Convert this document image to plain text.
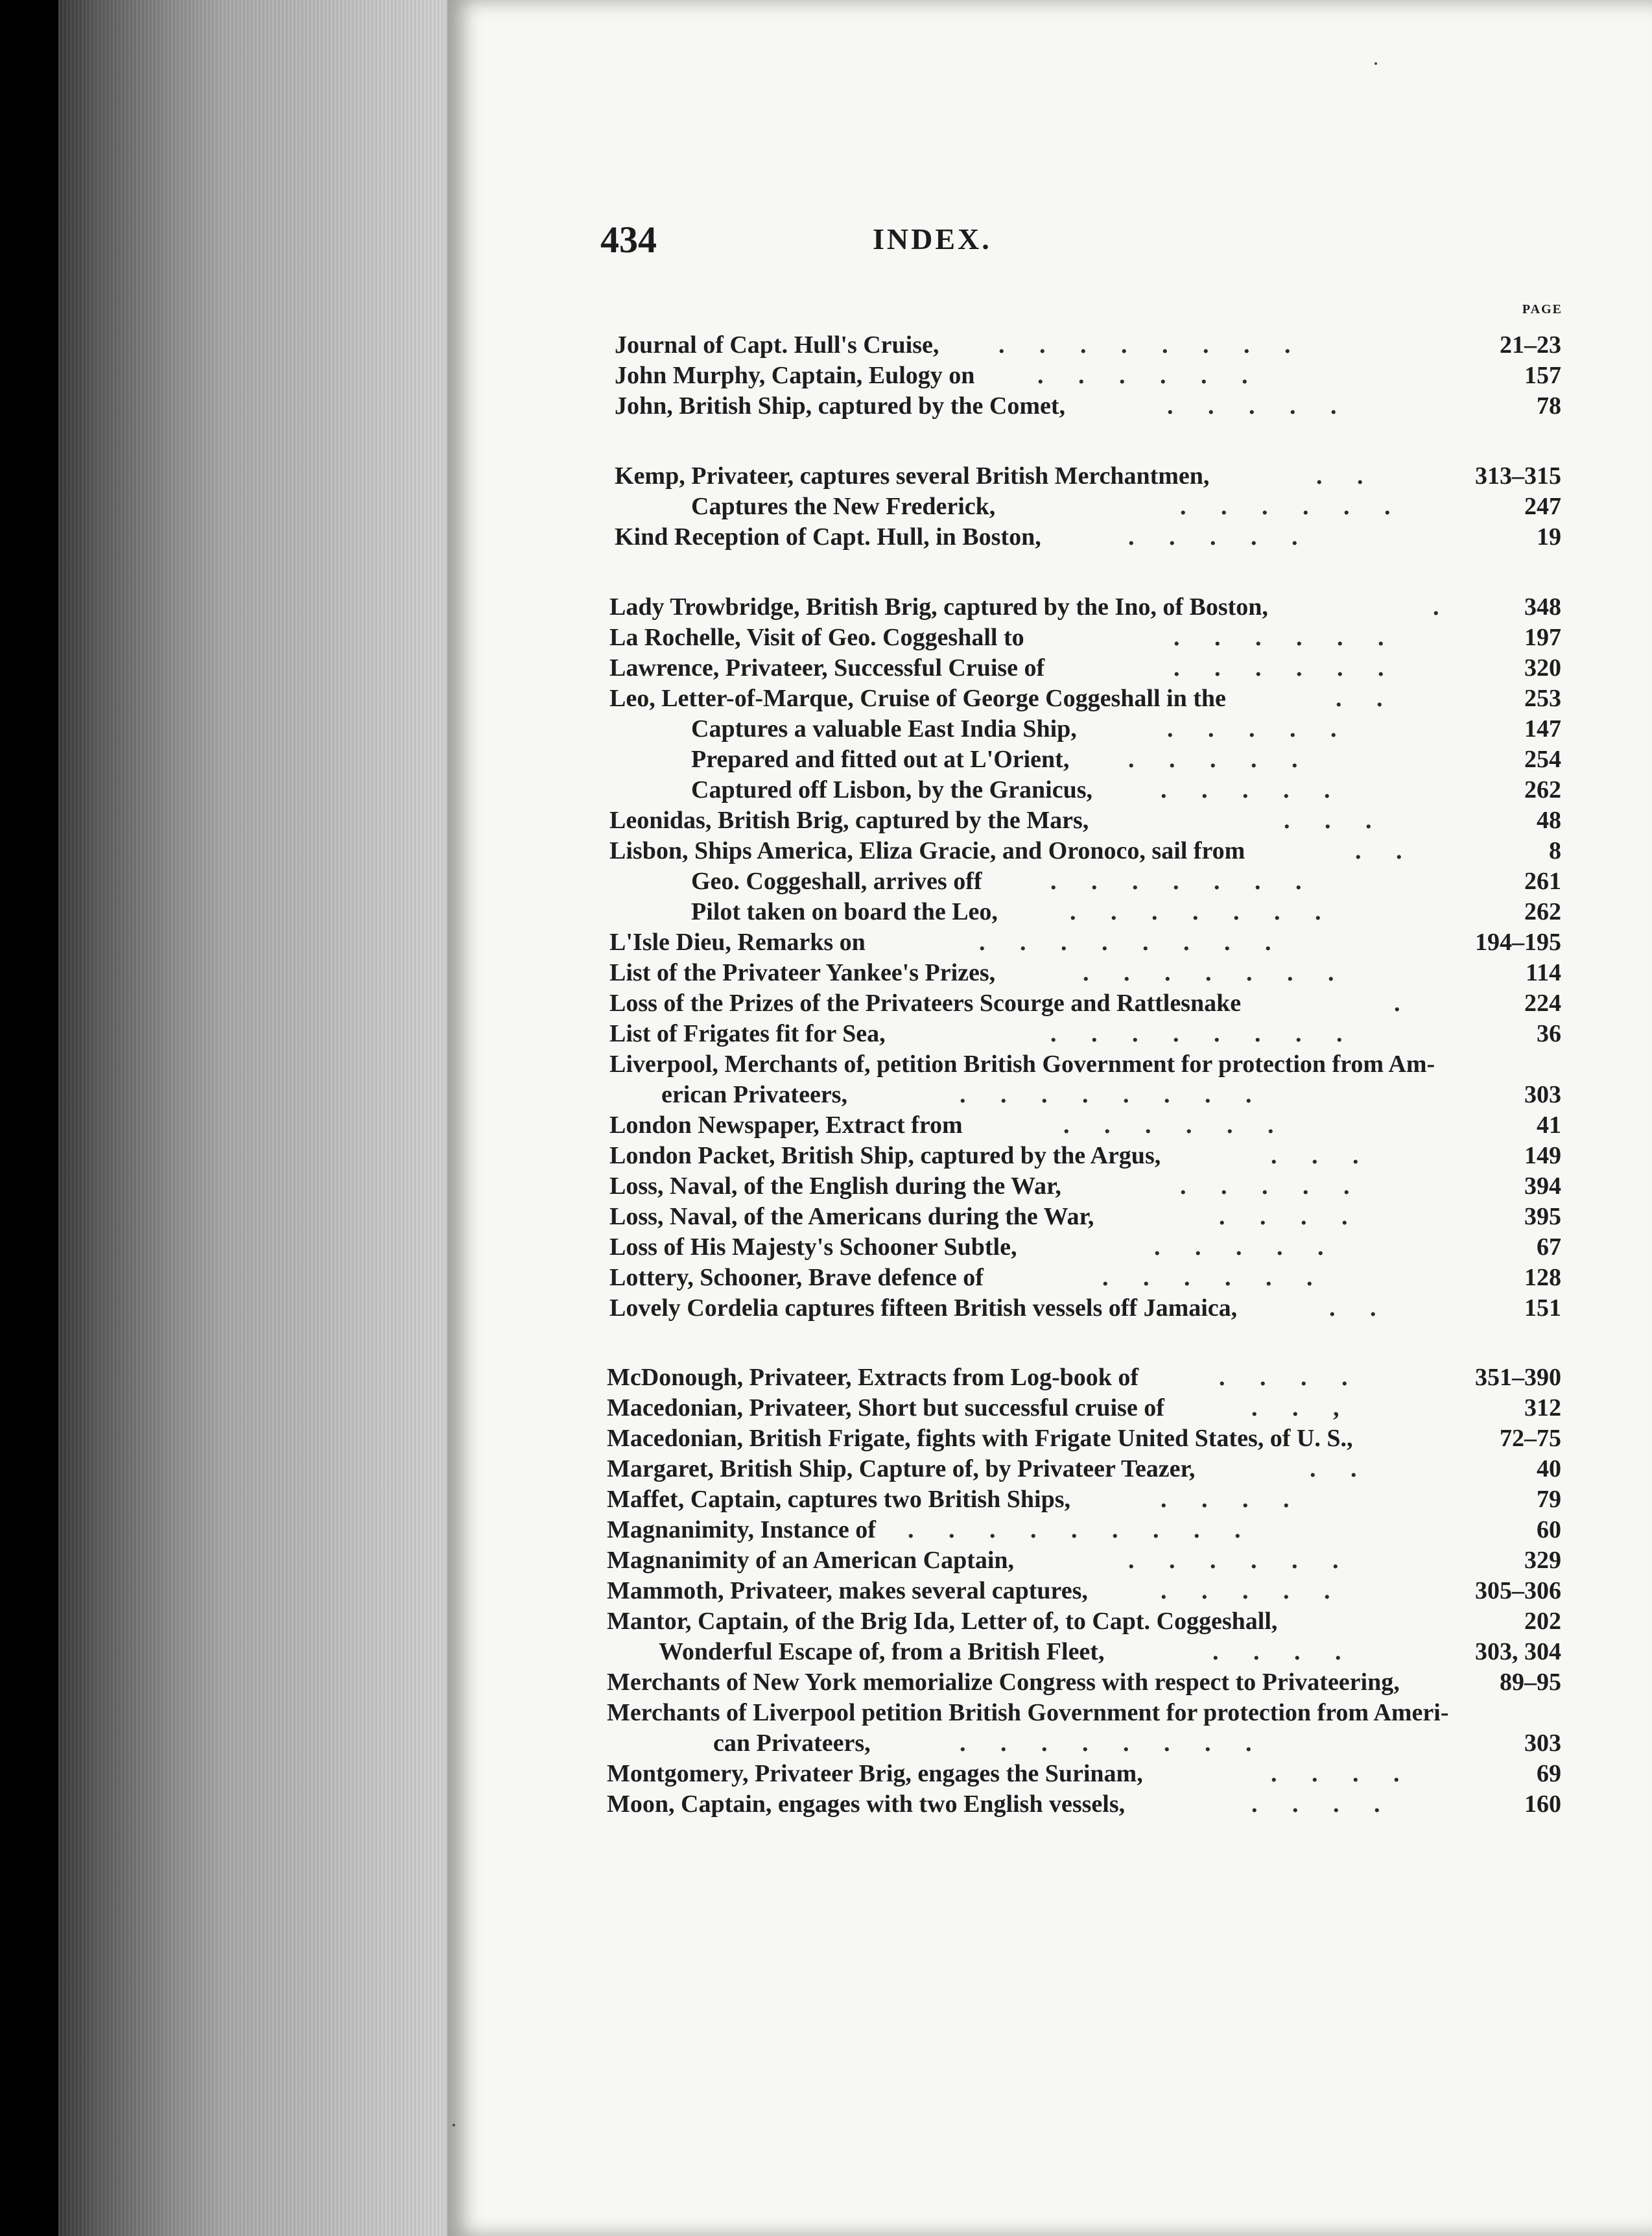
434	INDEX.
PAGE
Journal of Capt. Hull's Cruise, . . . . . . . .	21–23
John Murphy, Captain, Eulogy on	. . . . . .	157
John, British Ship, captured by the Comet,	. . . . .	78
Kemp, Privateer, captures several British Merchantmen,	. .	313–315
Captures the New Frederick,	. . . . . .	247
Kind Reception of Capt. Hull, in Boston,	. . . . .	19
Lady Trowbridge, British Brig, captured by the Ino, of Boston,	.	348
La Rochelle, Visit of Geo. Coggeshall to	. . . . . .	197
Lawrence, Privateer, Successful Cruise of	. . . . . .	320
Leo, Letter-of-Marque, Cruise of George Coggeshall in the	. .	253
Captures a valuable East India Ship,	. . . . .	147
Prepared and fitted out at L'Orient, . . . . .	254
Captured off Lisbon, by the Granicus,	. . . . .	262
Leonidas, British Brig, captured by the Mars,	. . .	48
Lisbon, Ships America, Eliza Gracie, and Oronoco, sail from	. .	8
Geo. Coggeshall, arrives off	. . . . . . .	261
Pilot taken on board the Leo,	. . . . . . .	262
L'Isle Dieu, Remarks on	. . . . . . . .	194–195
List of the Privateer Yankee's Prizes,	. . . . . . .	114
Loss of the Prizes of the Privateers Scourge and Rattlesnake	.	224
List of Frigates fit for Sea,	. . . . . . . .	36
Liverpool, Merchants of, petition British Government for protection from Am-
erican Privateers,	. . . . . . . .	303
London Newspaper, Extract from	. . . . . .	41
London Packet, British Ship, captured by the Argus,	. . .	149
Loss, Naval, of the English during the War,	. . . . .	394
Loss, Naval, of the Americans during the War,	. . . .	395
Loss of His Majesty's Schooner Subtle,	. . . . .	67
Lottery, Schooner, Brave defence of	. . . . . .	128
Lovely Cordelia captures fifteen British vessels off Jamaica,	. .	151
McDonough, Privateer, Extracts from Log-book of	. . . .	351–390
Macedonian, Privateer, Short but successful cruise of	. . ,	312
Macedonian, British Frigate, fights with Frigate United States, of U. S.,	72–75
Margaret, British Ship, Capture of, by Privateer Teazer,	. .	40
Maffet, Captain, captures two British Ships,	. . . .	79
Magnanimity, Instance of . . . . . . . . .	60
Magnanimity of an American Captain,	. . . . . .	329
Mammoth, Privateer, makes several captures,	. . . . .	305–306
Mantor, Captain, of the Brig Ida, Letter of, to Capt. Coggeshall,	202
Wonderful Escape of, from a British Fleet,	. . . .	303, 304
Merchants of New York memorialize Congress with respect to Privateering,	89–95
Merchants of Liverpool petition British Government for protection from Ameri-
can Privateers,	. . . . . . . .	303
Montgomery, Privateer Brig, engages the Surinam,	. . . .	69
Moon, Captain, engages with two English vessels,	. . . .	160
